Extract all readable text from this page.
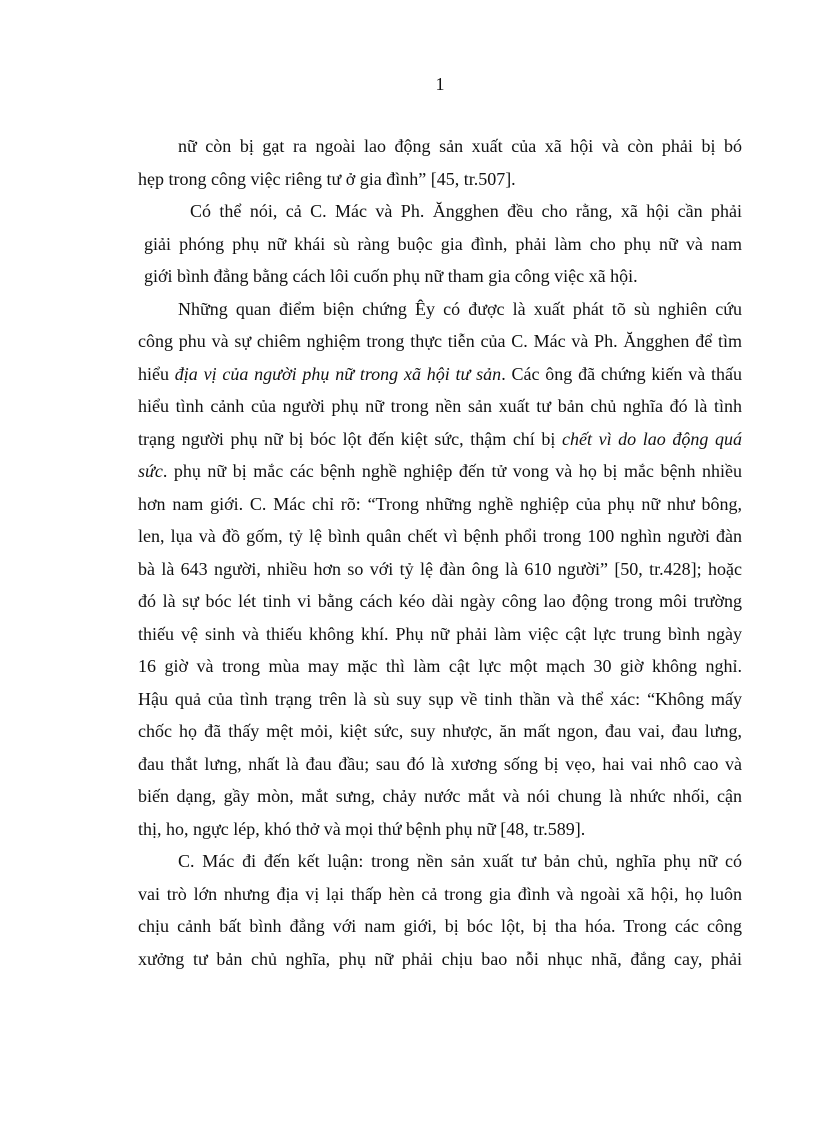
1
nữ còn bị gạt ra ngoài lao động sản xuất của xã hội và còn phải bị bó
hẹp trong công việc riêng tư ở gia đình” [45, tr.507].
Có thể nói, cả C. Mác và Ph. Ăngghen đều cho rằng, xã hội cần phải
giải phóng phụ nữ khái sù ràng buộc gia đình, phải làm cho phụ nữ và nam
giới bình đẳng bằng cách lôi cuốn phụ nữ tham gia công việc xã hội.
Những quan điểm biện chứng Êy có được là xuất phát tõ sù nghiên cứu
công phu và sự chiêm nghiệm trong thực tiễn của C. Mác và Ph. Ăngghen để tìm
hiểu địa vị của người phụ nữ trong xã hội tư sản. Các ông đã chứng kiến và thấu
hiểu tình cảnh của người phụ nữ trong nền sản xuất tư bản chủ nghĩa đó là tình
trạng người phụ nữ bị bóc lột đến kiệt sức, thậm chí bị chết vì do lao động quá
sức. phụ nữ bị mắc các bệnh nghề nghiệp đến tử vong và họ bị mắc bệnh nhiều
hơn nam giới. C. Mác chỉ rõ: “Trong những nghề nghiệp của phụ nữ như bông,
len, lụa và đồ gốm, tỷ lệ bình quân chết vì bệnh phổi trong 100 nghìn người đàn
bà là 643 người, nhiều hơn so với tỷ lệ đàn ông là 610 người” [50, tr.428]; hoặc
đó là sự bóc lét tinh vi bằng cách kéo dài ngày công lao động trong môi trường
thiếu vệ sinh và thiếu không khí. Phụ nữ phải làm việc cật lực trung bình ngày
16 giờ và trong mùa may mặc thì làm cật lực một mạch 30 giờ không nghỉ.
Hậu quả của tình trạng trên là sù suy sụp về tinh thần và thể xác: “Không mấy
chốc họ đã thấy mệt mỏi, kiệt sức, suy nhược, ăn mất ngon, đau vai, đau lưng,
đau thắt lưng, nhất là đau đầu; sau đó là xương sống bị vẹo, hai vai nhô cao và
biến dạng, gầy mòn, mắt sưng, chảy nước mắt và nói chung là nhức nhối, cận
thị, ho, ngực lép, khó thở và mọi thứ bệnh phụ nữ [48, tr.589].
C. Mác đi đến kết luận: trong nền sản xuất tư bản chủ, nghĩa phụ nữ có
vai trò lớn nhưng địa vị lại thấp hèn cả trong gia đình và ngoài xã hội, họ luôn
chịu cảnh bất bình đẳng với nam giới, bị bóc lột, bị tha hóa. Trong các công
xưởng tư bản chủ nghĩa, phụ nữ phải chịu bao nỗi nhục nhã, đắng cay, phải
